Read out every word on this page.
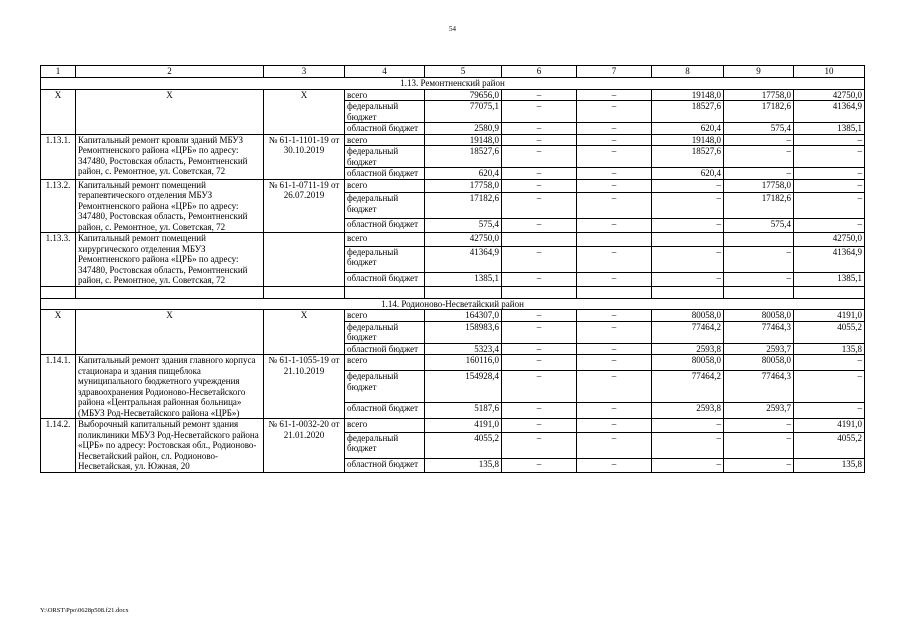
54
1	2	3	4	5	6	7	8	9	10
1.13. Ремонтненский район									
X	X	X	всего	79656,0	–	–	19148,0	17758,0	42750,0
			федеральный бюджет	77075,1	–	–	18527,6	17182,6	41364,9
			областной бюджет	2580,9	–	–	620,4	575,4	1385,1
1.13.1.	Капитальный ремонт кровли зданий МБУЗ Ремонтненского района «ЦРБ» по адресу: 347480, Ростовская область, Ремонтненский район, с. Ремонтное, ул. Советская, 72	№ 61-1-1101-19 от 30.10.2019	всего	19148,0	–	–	19148,0	–	–
			федеральный бюджет	18527,6	–	–	18527,6	–	–
			областной бюджет	620,4	–	–	620,4	–	–
1.13.2.	Капитальный ремонт помещений терапевтического отделения МБУЗ Ремонтненского района «ЦРБ» по адресу: 347480, Ростовская область, Ремонтненский район, с. Ремонтное, ул. Советская, 72	№ 61-1-0711-19 от 26.07.2019	всего	17758,0	–	–	–	17758,0	–
			федеральный бюджет	17182,6	–	–	–	17182,6	–
			областной бюджет	575,4	–	–	–	575,4	–
1.13.3.	Капитальный ремонт помещений хирургического отделения МБУЗ Ремонтненского района «ЦРБ» по адресу: 347480, Ростовская область, Ремонтненский район, с. Ремонтное, ул. Советская, 72		всего	42750,0					42750,0
			федеральный бюджет	41364,9	–	–	–	–	41364,9
			областной бюджет	1385,1	–	–	–	–	1385,1

1.14. Родионово-Несветайский район									
X	X	X	всего	164307,0	–	–	80058,0	80058,0	4191,0
			федеральный бюджет	158983,6	–	–	77464,2	77464,3	4055,2
			областной бюджет	5323,4	–	–	2593,8	2593,7	135,8
1.14.1.	Капитальный ремонт здания главного корпуса стационара и здания пищеблока муниципального бюджетного учреждения здравоохранения Родионово-Несветайского района «Центральная районная больница» (МБУЗ Род-Несветайского района «ЦРБ»)	№ 61-1-1055-19 от 21.10.2019	всего	160116,0	–	–	80058,0	80058,0	–
			федеральный бюджет	154928,4	–	–	77464,2	77464,3	–
			областной бюджет	5187,6	–	–	2593,8	2593,7	–
1.14.2.	Выборочный капитальный ремонт здания поликлиники МБУЗ Род-Несветайского района «ЦРБ» по адресу: Ростовская обл., Родионово-Несветайский район, сл. Родионово-Несветайская, ул. Южная, 20	№ 61-1-0032-20 от 21.01.2020	всего	4191,0	–	–	–	–	4191,0
			федеральный бюджет	4055,2	–	–	–	–	4055,2
			областной бюджет	135,8	–	–	–	–	135,8
Y:\ORST\Ppo\0628p508.f21.docx
